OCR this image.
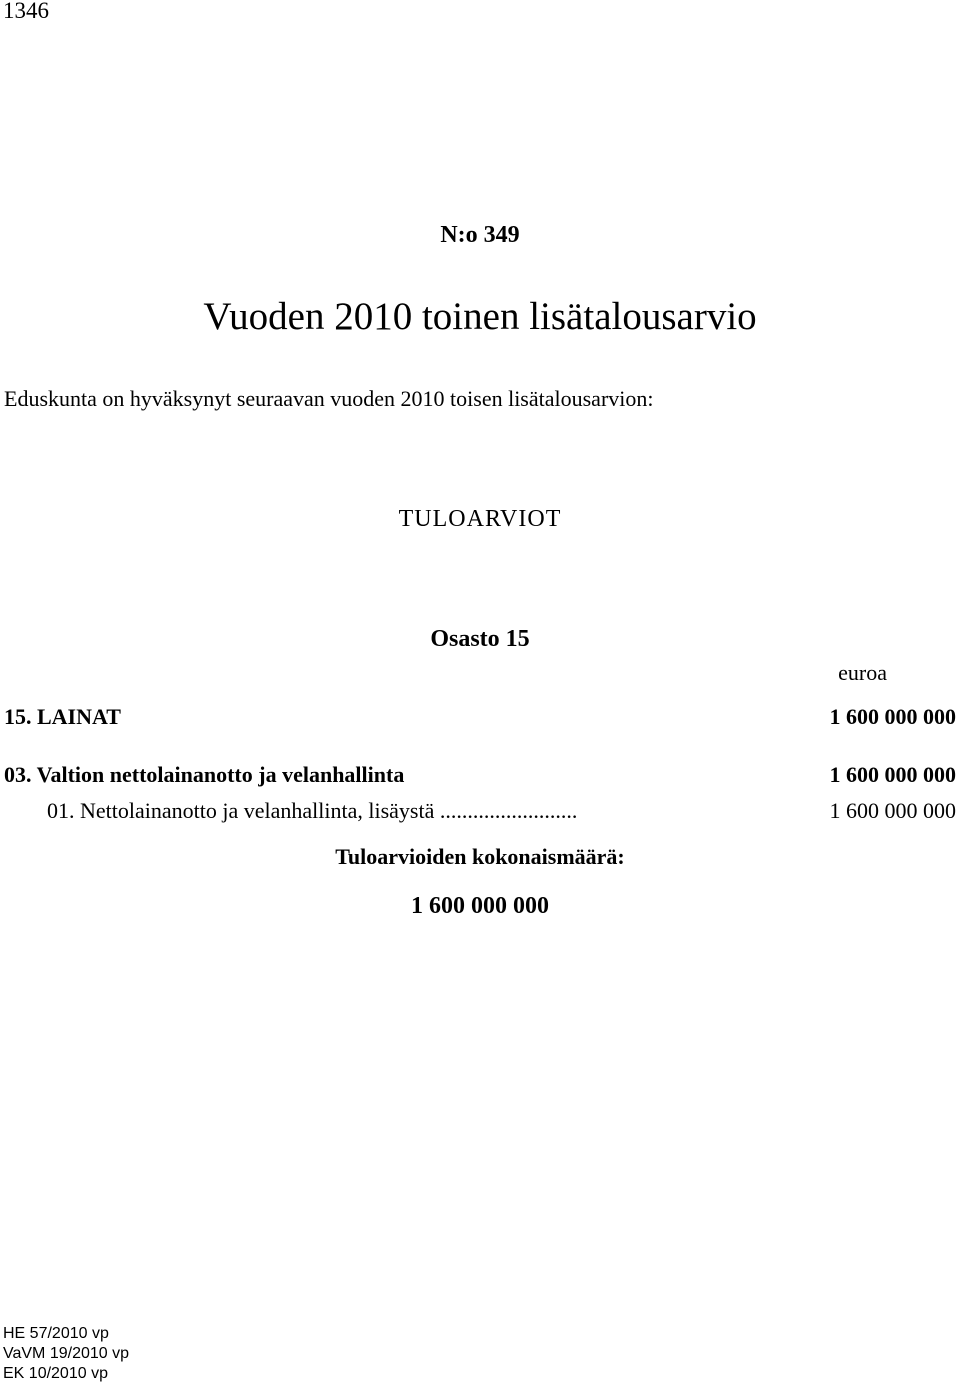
1346
N:o 349
Vuoden 2010 toinen lisätalousarvio
Eduskunta on hyväksynyt seuraavan vuoden 2010 toisen lisätalousarvion:
TULOARVIOT
Osasto 15
euroa
15. LAINAT	1 600 000 000
03. Valtion nettolainanotto ja velanhallinta	1 600 000 000
01. Nettolainanotto ja velanhallinta, lisäystä .........................	1 600 000 000
Tuloarvioiden kokonaismäärä:
1 600 000 000
HE 57/2010 vp
VaVM 19/2010 vp
EK 10/2010 vp
